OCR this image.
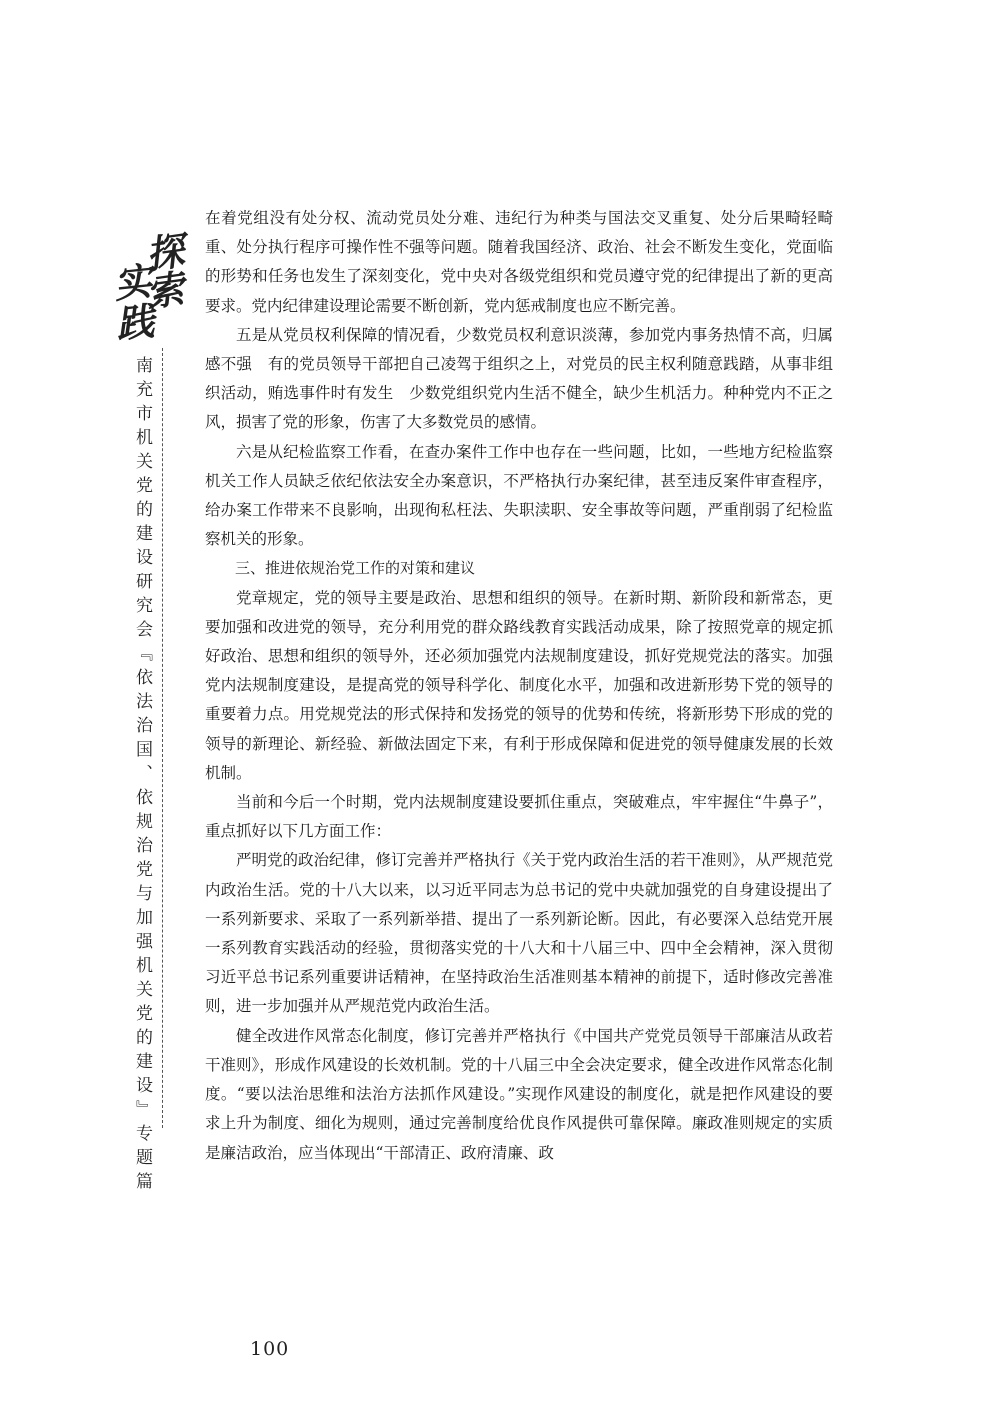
探
索
实
践
南充市机关党的建设研究会『依法治国、依规治党与加强机关党的建设』专题篇
100

在着党组没有处分权、流动党员处分难、违纪行为种类与国法交叉重复、处分后果畸轻畸重、处分执行程序可操作性不强等问题。随着我国经济、政治、社会不断发生变化，党面临的形势和任务也发生了深刻变化，党中央对各级党组织和党员遵守党的纪律提出了新的更高要求。党内纪律建设理论需要不断创新，党内惩戒制度也应不断完善。

五是从党员权利保障的情况看，少数党员权利意识淡薄，参加党内事务热情不高，归属感不强　有的党员领导干部把自己凌驾于组织之上，对党员的民主权利随意践踏，从事非组织活动，贿选事件时有发生　少数党组织党内生活不健全，缺少生机活力。种种党内不正之风，损害了党的形象，伤害了大多数党员的感情。

六是从纪检监察工作看，在查办案件工作中也存在一些问题，比如，一些地方纪检监察机关工作人员缺乏依纪依法安全办案意识，不严格执行办案纪律，甚至违反案件审查程序，给办案工作带来不良影响，出现徇私枉法、失职渎职、安全事故等问题，严重削弱了纪检监察机关的形象。

三、推进依规治党工作的对策和建议

党章规定，党的领导主要是政治、思想和组织的领导。在新时期、新阶段和新常态，更要加强和改进党的领导，充分利用党的群众路线教育实践活动成果，除了按照党章的规定抓好政治、思想和组织的领导外，还必须加强党内法规制度建设，抓好党规党法的落实。加强党内法规制度建设，是提高党的领导科学化、制度化水平，加强和改进新形势下党的领导的重要着力点。用党规党法的形式保持和发扬党的领导的优势和传统，将新形势下形成的党的领导的新理论、新经验、新做法固定下来，有利于形成保障和促进党的领导健康发展的长效机制。

当前和今后一个时期，党内法规制度建设要抓住重点，突破难点，牢牢握住“牛鼻子”，重点抓好以下几方面工作：

严明党的政治纪律，修订完善并严格执行《关于党内政治生活的若干准则》，从严规范党内政治生活。党的十八大以来，以习近平同志为总书记的党中央就加强党的自身建设提出了一系列新要求、采取了一系列新举措、提出了一系列新论断。因此，有必要深入总结党开展一系列教育实践活动的经验，贯彻落实党的十八大和十八届三中、四中全会精神，深入贯彻习近平总书记系列重要讲话精神，在坚持政治生活准则基本精神的前提下，适时修改完善准则，进一步加强并从严规范党内政治生活。

健全改进作风常态化制度，修订完善并严格执行《中国共产党党员领导干部廉洁从政若干准则》，形成作风建设的长效机制。党的十八届三中全会决定要求，健全改进作风常态化制度。“要以法治思维和法治方法抓作风建设。”实现作风建设的制度化，就是把作风建设的要求上升为制度、细化为规则，通过完善制度给优良作风提供可靠保障。廉政准则规定的实质是廉洁政治，应当体现出“干部清正、政府清廉、政
